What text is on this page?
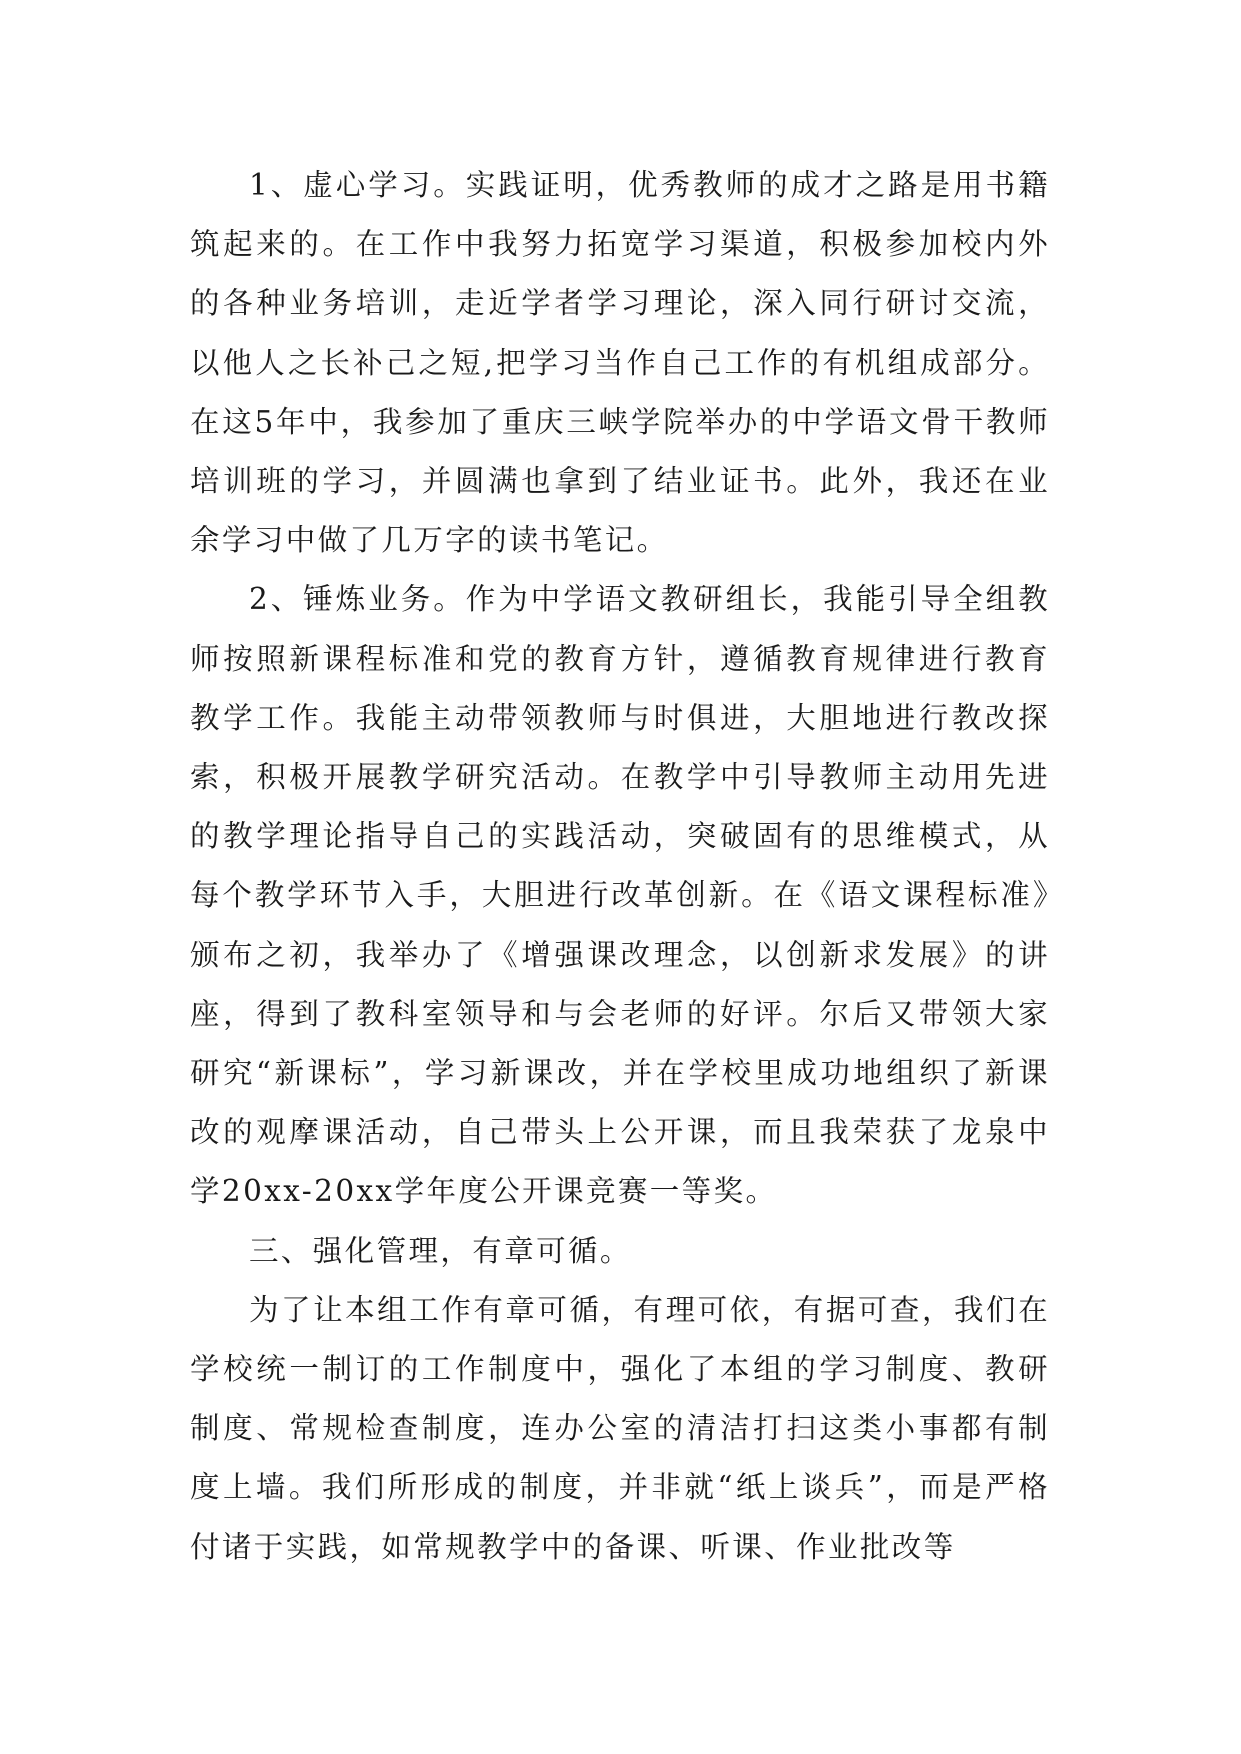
1、虚心学习。实践证明，优秀教师的成才之路是用书籍筑起来的。在工作中我努力拓宽学习渠道，积极参加校内外的各种业务培训，走近学者学习理论，深入同行研讨交流，以他人之长补己之短,把学习当作自己工作的有机组成部分。在这5年中，我参加了重庆三峡学院举办的中学语文骨干教师培训班的学习，并圆满也拿到了结业证书。此外，我还在业余学习中做了几万字的读书笔记。

2、锤炼业务。作为中学语文教研组长，我能引导全组教师按照新课程标准和党的教育方针，遵循教育规律进行教育教学工作。我能主动带领教师与时俱进，大胆地进行教改探索，积极开展教学研究活动。在教学中引导教师主动用先进的教学理论指导自己的实践活动，突破固有的思维模式，从每个教学环节入手，大胆进行改革创新。在《语文课程标准》颁布之初，我举办了《增强课改理念，以创新求发展》的讲座，得到了教科室领导和与会老师的好评。尔后又带领大家研究“新课标”，学习新课改，并在学校里成功地组织了新课改的观摩课活动，自己带头上公开课，而且我荣获了龙泉中学20xx-20xx学年度公开课竞赛一等奖。

三、强化管理，有章可循。

为了让本组工作有章可循，有理可依，有据可查，我们在学校统一制订的工作制度中，强化了本组的学习制度、教研制度、常规检查制度，连办公室的清洁打扫这类小事都有制度上墙。我们所形成的制度，并非就“纸上谈兵”，而是严格付诸于实践，如常规教学中的备课、听课、作业批改等
